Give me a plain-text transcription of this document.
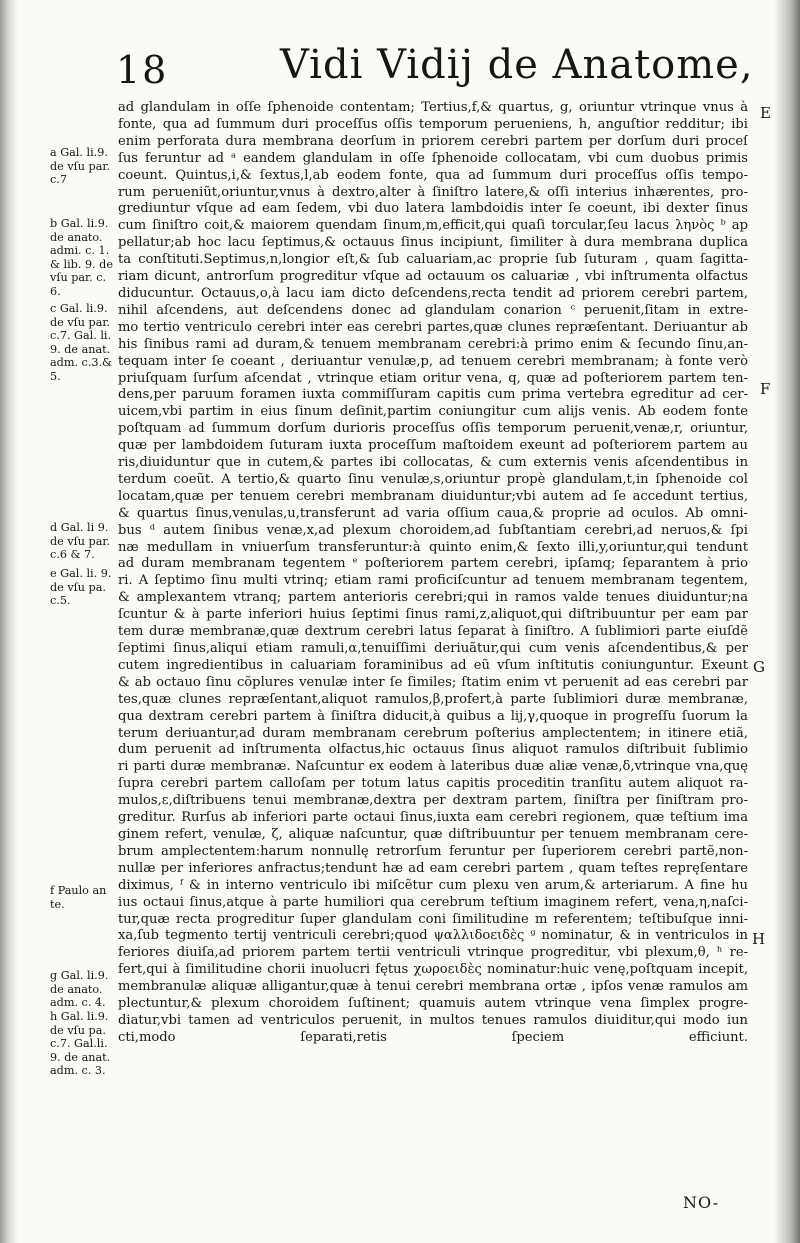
18	Vidi Vidij de Anatome,
ad glandulam in oſſe ſphenoide contentam; Tertius,f,& quartus, g, oriuntur vtrinque vnus à
fonte, qua ad ſummum duri proceſſus oſſis temporum perueniens, h, anguſtior redditur; ibi
enim perforata dura membrana deorſum in priorem cerebri partem per dorſum duri proceſ
ſus feruntur ad ᵃ eandem glandulam in oſſe ſphenoide collocatam, vbi cum duobus primis
coeunt. Quintus,i,& ſextus,l,ab eodem fonte, qua ad ſummum duri proceſſus oſſis tempo-
rum perueniũt,oriuntur,vnus à dextro,alter à ſiniſtro latere,& oſſi interius inhærentes, pro-
grediuntur vſque ad eam ſedem, vbi duo latera lambdoidis inter ſe coeunt, ibi dexter ſinus
cum ſiniſtro coit,& maiorem quendam ſinum,m,efficit,qui quaſi torcular,ſeu lacus ληνὸς ᵇ ap
pellatur;ab hoc lacu ſeptimus,& octauus ſinus incipiunt, ſimiliter à dura membrana duplica
ta conſtituti.Septimus,n,longior eſt,& ſub caluariam,ac proprie ſub ſuturam , quam ſagitta-
riam dicunt, antrorſum progreditur vſque ad octauum os caluariæ , vbi inſtrumenta olfactus
diducuntur. Octauus,o,à lacu iam dicto deſcendens,recta tendit ad priorem cerebri partem,
nihil aſcendens, aut deſcendens donec ad glandulam conarion ᶜ peruenit,ſitam in extre-
mo tertio ventriculo cerebri inter eas cerebri partes,quæ clunes repræſentant. Deriuantur ab
his ſinibus rami ad duram,& tenuem membranam cerebri:à primo enim & ſecundo ſinu,an-
tequam inter ſe coeant , deriuantur venulæ,p, ad tenuem cerebri membranam; à fonte verò
priuſquam ſurſum aſcendat , vtrinque etiam oritur vena, q, quæ ad poſteriorem partem ten-
dens,per paruum foramen iuxta commiſſuram capitis cum prima vertebra egreditur ad cer-
uicem,vbi partim in eius ſinum deſinit,partim coniungitur cum alijs venis. Ab eodem fonte
poſtquam ad ſummum dorſum durioris proceſſus oſſis temporum peruenit,venæ,r, oriuntur,
quæ per lambdoidem ſuturam iuxta proceſſum maſtoidem exeunt ad poſteriorem partem au
ris,diuiduntur que in cutem,& partes ibi collocatas, & cum externis venis aſcendentibus in
terdum coeũt. A tertio,& quarto ſinu venulæ,s,oriuntur propè glandulam,t,in ſphenoide col
locatam,quæ per tenuem cerebri membranam diuiduntur;vbi autem ad ſe accedunt tertius,
& quartus ſinus,venulas,u,transferunt ad varia oſſium caua,& proprie ad oculos. Ab omni-
bus ᵈ autem ſinibus venæ,x,ad plexum choroidem,ad ſubſtantiam cerebri,ad neruos,& ſpi
næ medullam in vniuerſum transferuntur:à quinto enim,& ſexto illi,y,oriuntur,qui tendunt
ad duram membranam tegentem ᵉ poſteriorem partem cerebri, ipſamq; ſeparantem à prio
ri. A ſeptimo ſinu multi vtrinq; etiam rami proficiſcuntur ad tenuem membranam tegentem,
& amplexantem vtranq; partem anterioris cerebri;qui in ramos valde tenues diuiduntur;na
ſcuntur & à parte inferiori huius ſeptimi ſinus rami,z,aliquot,qui diſtribuuntur per eam par
tem duræ membranæ,quæ dextrum cerebri latus ſeparat à ſiniſtro. A ſublimiori parte eiuſdẽ
ſeptimi ſinus,aliqui etiam ramuli,α,tenuiſſimi deriuãtur,qui cum venis aſcendentibus,& per
cutem ingredientibus in caluariam foraminibus ad eũ vſum inſtitutis coniunguntur. Exeunt
& ab octauo ſinu cõplures venulæ inter ſe ſimiles; ſtatim enim vt peruenit ad eas cerebri par
tes,quæ clunes repræſentant,aliquot ramulos,β,profert,à parte ſublimiori duræ membranæ,
qua dextram cerebri partem à ſiniſtra diducit,à quibus a lij,γ,quoque in progreſſu ſuorum la
terum deriuantur,ad duram membranam cerebrum poſterius amplectentem; in itinere etiã,
dum peruenit ad inſtrumenta olfactus,hic octauus ſinus aliquot ramulos diſtribuit ſublimio
ri parti duræ membranæ. Naſcuntur ex eodem à lateribus duæ aliæ venæ,δ,vtrinque vna,quę
ſupra cerebri partem calloſam per totum latus capitis proceditin tranſitu autem aliquot ra-
mulos,ε,diſtribuens tenui membranæ,dextra per dextram partem, ſiniſtra per ſiniſtram pro-
greditur. Rurſus ab inferiori parte octaui ſinus,iuxta eam cerebri regionem, quæ teſtium ima
ginem refert, venulæ, ζ, aliquæ naſcuntur, quæ diſtribuuntur per tenuem membranam cere-
brum amplectentem:harum nonnullę retrorſum feruntur per ſuperiorem cerebri partẽ,non-
nullæ per inferiores anfractus;tendunt hæ ad eam cerebri partem , quam teſtes repręſentare
diximus, ᶠ & in interno ventriculo ibi miſcẽtur cum plexu ven arum,& arteriarum. A fine hu
ius octaui ſinus,atque à parte humiliori qua cerebrum teſtium imaginem refert, vena,η,naſci-
tur,quæ recta progreditur ſuper glandulam coni ſimilitudine m referentem; teſtibuſque inni-
xa,ſub tegmento tertij ventriculi cerebri;quod ψαλλιδοειδὲς ᵍ nominatur, & in ventriculos in
feriores diuiſa,ad priorem partem tertii ventriculi vtrinque progreditur, vbi plexum,θ, ʰ re-
fert,qui à ſimilitudine chorii inuolucri fętus χωροειδὲς nominatur:huic venę,poſtquam incepit,
membranulæ aliquæ alligantur,quæ à tenui cerebri membrana ortæ , ipſos venæ ramulos am
plectuntur,& plexum choroidem ſuſtinent; quamuis autem vtrinque vena ſimplex progre-
diatur,vbi tamen ad ventriculos peruenit, in multos tenues ramulos diuiditur,qui modo iun
cti,modo ſeparati,retis ſpeciem efficiunt.
a Gal. li.9.
de vſu par.
c.7
b Gal. li.9.
de anato.
admi. c. 1.
& lib. 9. de
vſu par. c.
6.
c Gal. li.9.
de vſu par.
c.7. Gal. li.
9. de anat.
adm. c.3.&
5.
d Gal. li 9.
de vſu par.
c.6 & 7.
e Gal. li. 9.
de vſu pa.
c.5.
f Paulo an
te.
g Gal. li.9.
de anato.
adm. c. 4.
h Gal. li.9.
de vſu pa.
c.7. Gal.li.
9. de anat.
adm. c. 3.
E
F
G
H
NO-
